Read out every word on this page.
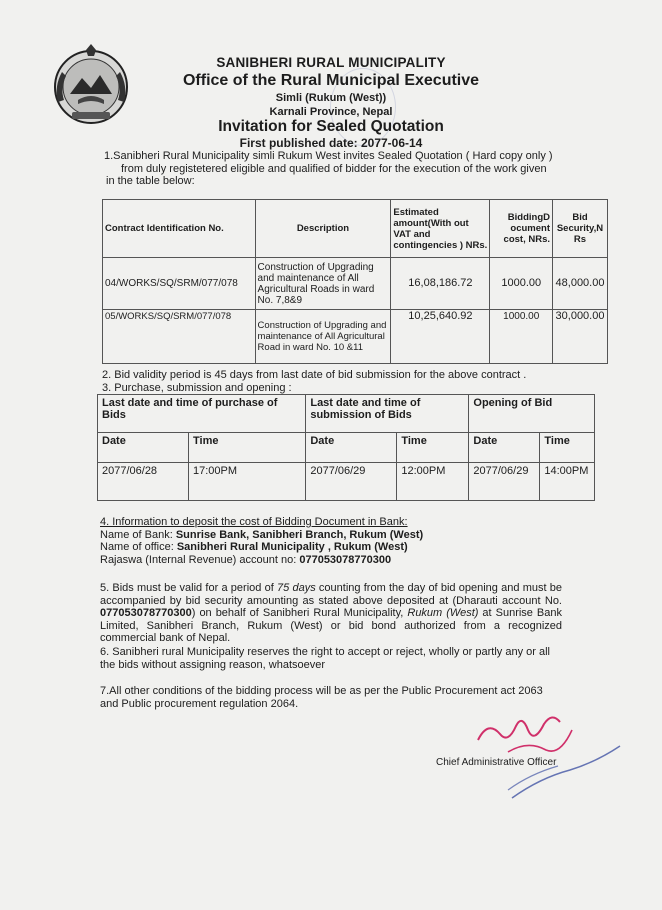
SANIBHERI RURAL MUNICIPALITY
Office of the Rural Municipal Executive
Simli (Rukum (West))
Karnali Province, Nepal
Invitation for Sealed Quotation
First published date: 2077-06-14
1.Sanibheri Rural Municipality simli Rukum West invites Sealed Quotation ( Hard copy only )
from duly registetered eligible and qualified of bidder for the execution of the work given
in the table below:
Contract Identification No.	Description	Estimated amount(With out VAT and contingencies ) NRs.	BiddingD ocument cost, NRs.	Bid Security,N Rs
04/WORKS/SQ/SRM/077/078	Construction of Upgrading and maintenance of All Agricultural Roads in ward No. 7,8&9	16,08,186.72	1000.00	48,000.00
05/WORKS/SQ/SRM/077/078	Construction of Upgrading and maintenance of All Agricultural Road in ward No. 10 &11	10,25,640.92	1000.00	30,000.00
2. Bid validity period is 45 days from last date of bid submission for the above contract .
3. Purchase, submission and opening :
Last date and time of purchase of Bids		Last date and time of submission of Bids		Opening of Bid	
Date	Time	Date	Time	Date	Time
2077/06/28	17:00PM	2077/06/29	12:00PM	2077/06/29	14:00PM
4. Information to deposit the cost of Bidding Document in Bank:
Name of Bank: Sunrise Bank, Sanibheri Branch, Rukum (West)
Name of office: Sanibheri Rural Municipality , Rukum (West)
Rajaswa (Internal Revenue) account no: 077053078770300
5. Bids must be valid for a period of 75 days counting from the day of bid opening and must be accompanied by bid security amounting as stated above deposited at (Dharauti account No. 077053078770300) on behalf of Sanibheri Rural Municipality, Rukum (West) at Sunrise Bank Limited, Sanibheri Branch, Rukum (West) or bid bond authorized from a recognized commercial bank of Nepal.
6. Sanibheri rural Municipality reserves the right to accept or reject, wholly or partly any or all the bids without assigning reason, whatsoever
7.All other conditions of the bidding process will be as per the Public Procurement act 2063 and Public procurement regulation 2064.
Chief Administrative Officer
